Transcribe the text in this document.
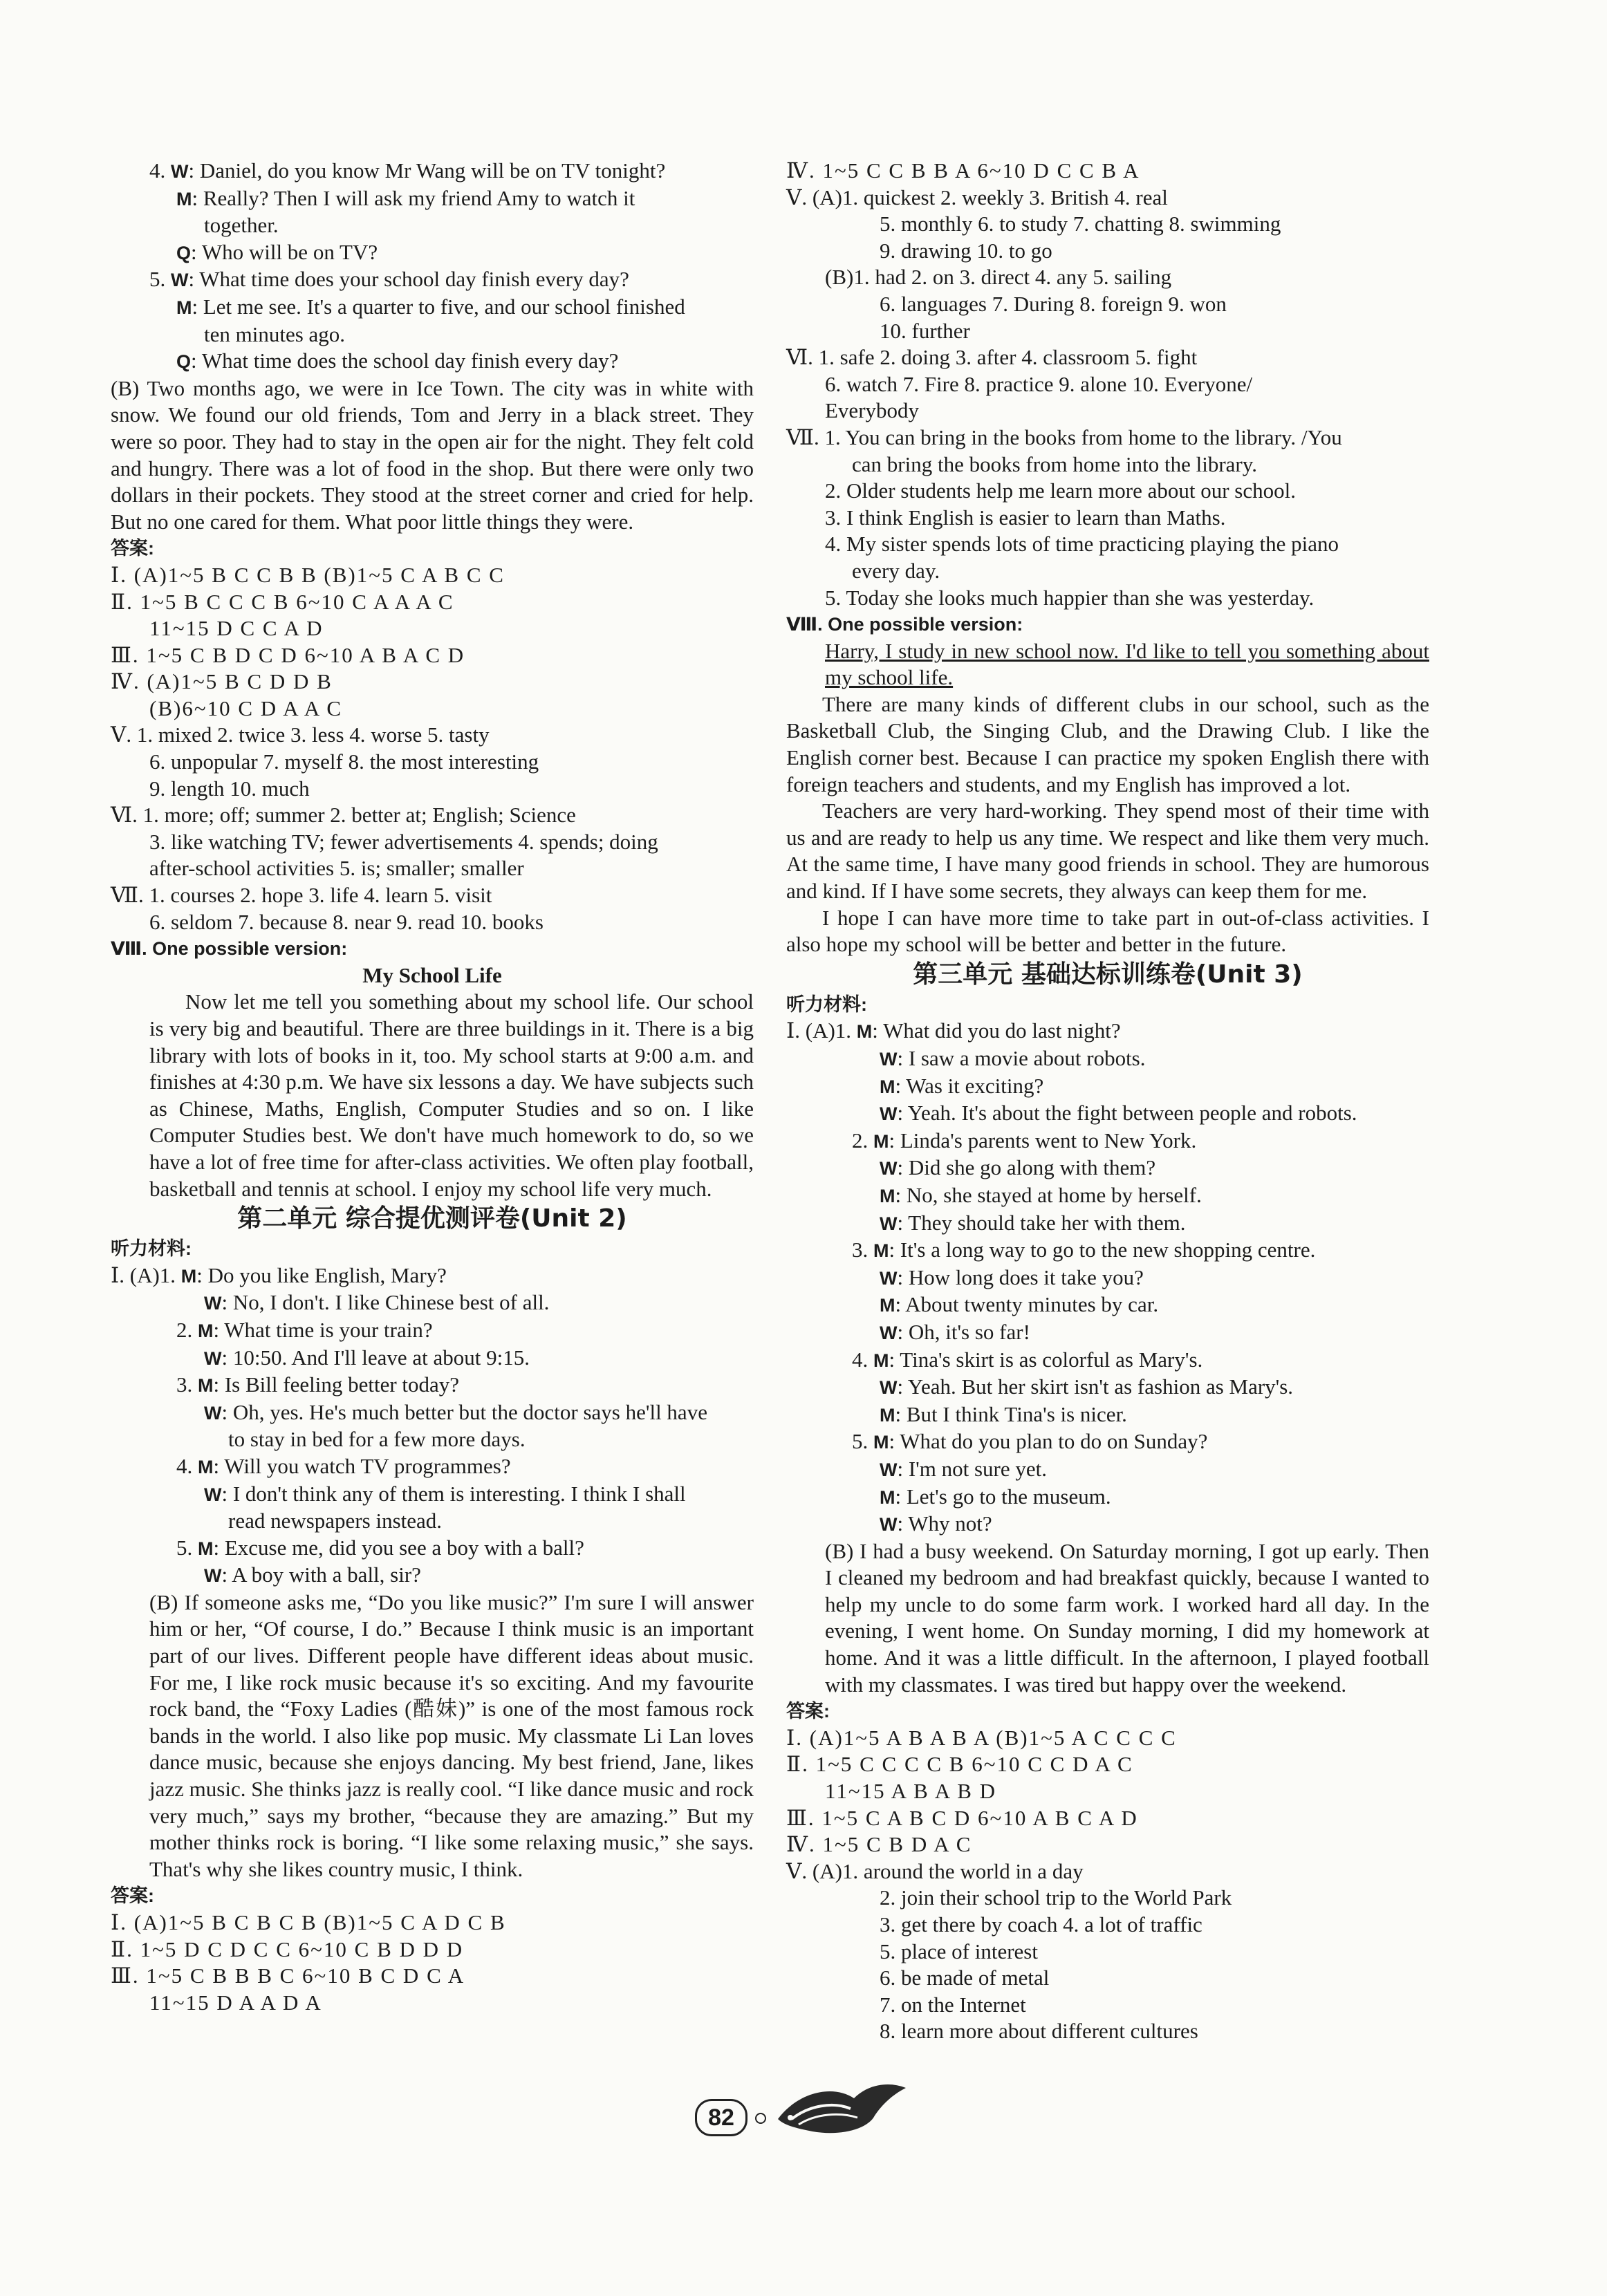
4. W: Daniel, do you know Mr Wang will be on TV tonight?
M: Really? Then I will ask my friend Amy to watch it
together.
Q: Who will be on TV?
5. W: What time does your school day finish every day?
M: Let me see. It's a quarter to five, and our school finished
ten minutes ago.
Q: What time does the school day finish every day?
(B) Two months ago, we were in Ice Town. The city was in white with snow. We found our old friends, Tom and Jerry in a black street. They were so poor. They had to stay in the open air for the night. They felt cold and hungry. There was a lot of food in the shop. But there were only two dollars in their pockets. They stood at the street corner and cried for help. But no one cared for them. What poor little things they were.
答案:
Ⅰ. (A)1~5 B C C B B (B)1~5 C A B C C
Ⅱ. 1~5 B C C C B 6~10 C A A A C
11~15 D C C A D
Ⅲ. 1~5 C B D C D 6~10 A B A C D
Ⅳ. (A)1~5 B C D D B
(B)6~10 C D A A C
Ⅴ. 1. mixed 2. twice 3. less 4. worse 5. tasty
6. unpopular 7. myself 8. the most interesting
9. length 10. much
Ⅵ. 1. more; off; summer 2. better at; English; Science
3. like watching TV; fewer advertisements 4. spends; doing
after-school activities 5. is; smaller; smaller
Ⅶ. 1. courses 2. hope 3. life 4. learn 5. visit
6. seldom 7. because 8. near 9. read 10. books
Ⅷ. One possible version:
My School Life
Now let me tell you something about my school life. Our school is very big and beautiful. There are three buildings in it. There is a big library with lots of books in it, too. My school starts at 9:00 a.m. and finishes at 4:30 p.m. We have six lessons a day. We have subjects such as Chinese, Maths, English, Computer Studies and so on. I like Computer Studies best. We don't have much homework to do, so we have a lot of free time for after-class activities. We often play football, basketball and tennis at school. I enjoy my school life very much.
第二单元 综合提优测评卷(Unit 2)
听力材料:
Ⅰ. (A)1. M: Do you like English, Mary?
W: No, I don't. I like Chinese best of all.
2. M: What time is your train?
W: 10:50. And I'll leave at about 9:15.
3. M: Is Bill feeling better today?
W: Oh, yes. He's much better but the doctor says he'll have
to stay in bed for a few more days.
4. M: Will you watch TV programmes?
W: I don't think any of them is interesting. I think I shall
read newspapers instead.
5. M: Excuse me, did you see a boy with a ball?
W: A boy with a ball, sir?
(B) If someone asks me, “Do you like music?” I'm sure I will answer him or her, “Of course, I do.” Because I think music is an important part of our lives. Different people have different ideas about music. For me, I like rock music because it's so exciting. And my favourite rock band, the “Foxy Ladies (酷妹)” is one of the most famous rock bands in the world. I also like pop music. My classmate Li Lan loves dance music, because she enjoys dancing. My best friend, Jane, likes jazz music. She thinks jazz is really cool. “I like dance music and rock very much,” says my brother, “because they are amazing.” But my mother thinks rock is boring. “I like some relaxing music,” she says. That's why she likes country music, I think.
答案:
Ⅰ. (A)1~5 B C B C B (B)1~5 C A D C B
Ⅱ. 1~5 D C D C C 6~10 C B D D D
Ⅲ. 1~5 C B B B C 6~10 B C D C A
11~15 D A A D A
Ⅳ. 1~5 C C B B A 6~10 D C C B A
Ⅴ. (A)1. quickest 2. weekly 3. British 4. real
5. monthly 6. to study 7. chatting 8. swimming
9. drawing 10. to go
(B)1. had 2. on 3. direct 4. any 5. sailing
6. languages 7. During 8. foreign 9. won
10. further
Ⅵ. 1. safe 2. doing 3. after 4. classroom 5. fight
6. watch 7. Fire 8. practice 9. alone 10. Everyone/
Everybody
Ⅶ. 1. You can bring in the books from home to the library. /You
can bring the books from home into the library.
2. Older students help me learn more about our school.
3. I think English is easier to learn than Maths.
4. My sister spends lots of time practicing playing the piano
every day.
5. Today she looks much happier than she was yesterday.
Ⅷ. One possible version:
Harry, I study in new school now. I'd like to tell you something about my school life.
There are many kinds of different clubs in our school, such as the Basketball Club, the Singing Club, and the Drawing Club. I like the English corner best. Because I can practice my spoken English there with foreign teachers and students, and my English has improved a lot.
Teachers are very hard-working. They spend most of their time with us and are ready to help us any time. We respect and like them very much. At the same time, I have many good friends in school. They are humorous and kind. If I have some secrets, they always can keep them for me.
I hope I can have more time to take part in out-of-class activities. I also hope my school will be better and better in the future.
第三单元 基础达标训练卷(Unit 3)
听力材料:
Ⅰ. (A)1. M: What did you do last night?
W: I saw a movie about robots.
M: Was it exciting?
W: Yeah. It's about the fight between people and robots.
2. M: Linda's parents went to New York.
W: Did she go along with them?
M: No, she stayed at home by herself.
W: They should take her with them.
3. M: It's a long way to go to the new shopping centre.
W: How long does it take you?
M: About twenty minutes by car.
W: Oh, it's so far!
4. M: Tina's skirt is as colorful as Mary's.
W: Yeah. But her skirt isn't as fashion as Mary's.
M: But I think Tina's is nicer.
5. M: What do you plan to do on Sunday?
W: I'm not sure yet.
M: Let's go to the museum.
W: Why not?
(B) I had a busy weekend. On Saturday morning, I got up early. Then I cleaned my bedroom and had breakfast quickly, because I wanted to help my uncle to do some farm work. I worked hard all day. In the evening, I went home. On Sunday morning, I did my homework at home. And it was a little difficult. In the afternoon, I played football with my classmates. I was tired but happy over the weekend.
答案:
Ⅰ. (A)1~5 A B A B A (B)1~5 A C C C C
Ⅱ. 1~5 C C C C B 6~10 C C D A C
11~15 A B A B D
Ⅲ. 1~5 C A B C D 6~10 A B C A D
Ⅳ. 1~5 C B D A C
Ⅴ. (A)1. around the world in a day
2. join their school trip to the World Park
3. get there by coach 4. a lot of traffic
5. place of interest
6. be made of metal
7. on the Internet
8. learn more about different cultures
82
